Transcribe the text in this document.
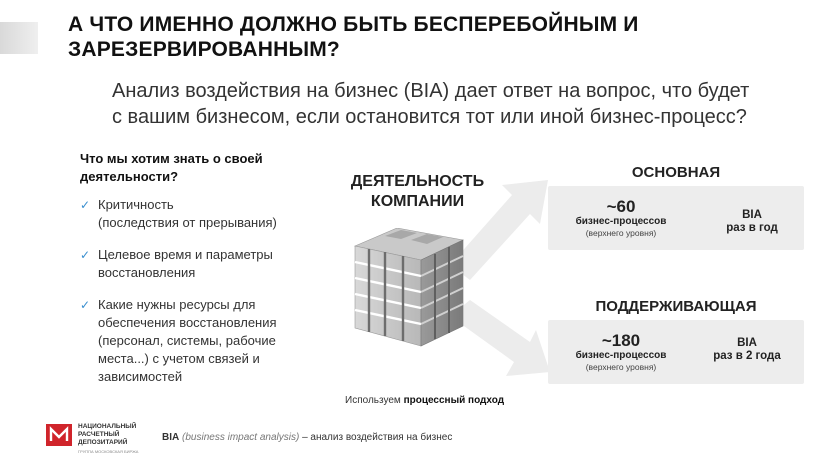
А ЧТО ИМЕННО ДОЛЖНО БЫТЬ БЕСПЕРЕБОЙНЫМ И ЗАРЕЗЕРВИРОВАННЫМ?
Анализ воздействия на бизнес (BIA) дает ответ на вопрос, что будет
с вашим бизнесом, если остановится тот или иной бизнес-процесс?
Что мы хотим знать о своей деятельности?
✓ Критичность
(последствия от прерывания)
✓ Целевое время и параметры
восстановления
✓ Какие нужны ресурсы для
обеспечения восстановления
(персонал, системы, рабочие
места...) с учетом связей и
зависимостей
ДЕЯТЕЛЬНОСТЬ
КОМПАНИИ
ОСНОВНАЯ
~60
бизнес-процессов
(верхнего уровня)
BIA
раз в год
ПОДДЕРЖИВАЮЩАЯ
~180
бизнес-процессов
(верхнего уровня)
BIA
раз в 2 года
Используем процессный подход
НАЦИОНАЛЬНЫЙ
РАСЧЕТНЫЙ
ДЕПОЗИТАРИЙ
ГРУППА МОСКОВСКАЯ БИРЖА
BIA (business impact analysis) – анализ воздействия на бизнес
